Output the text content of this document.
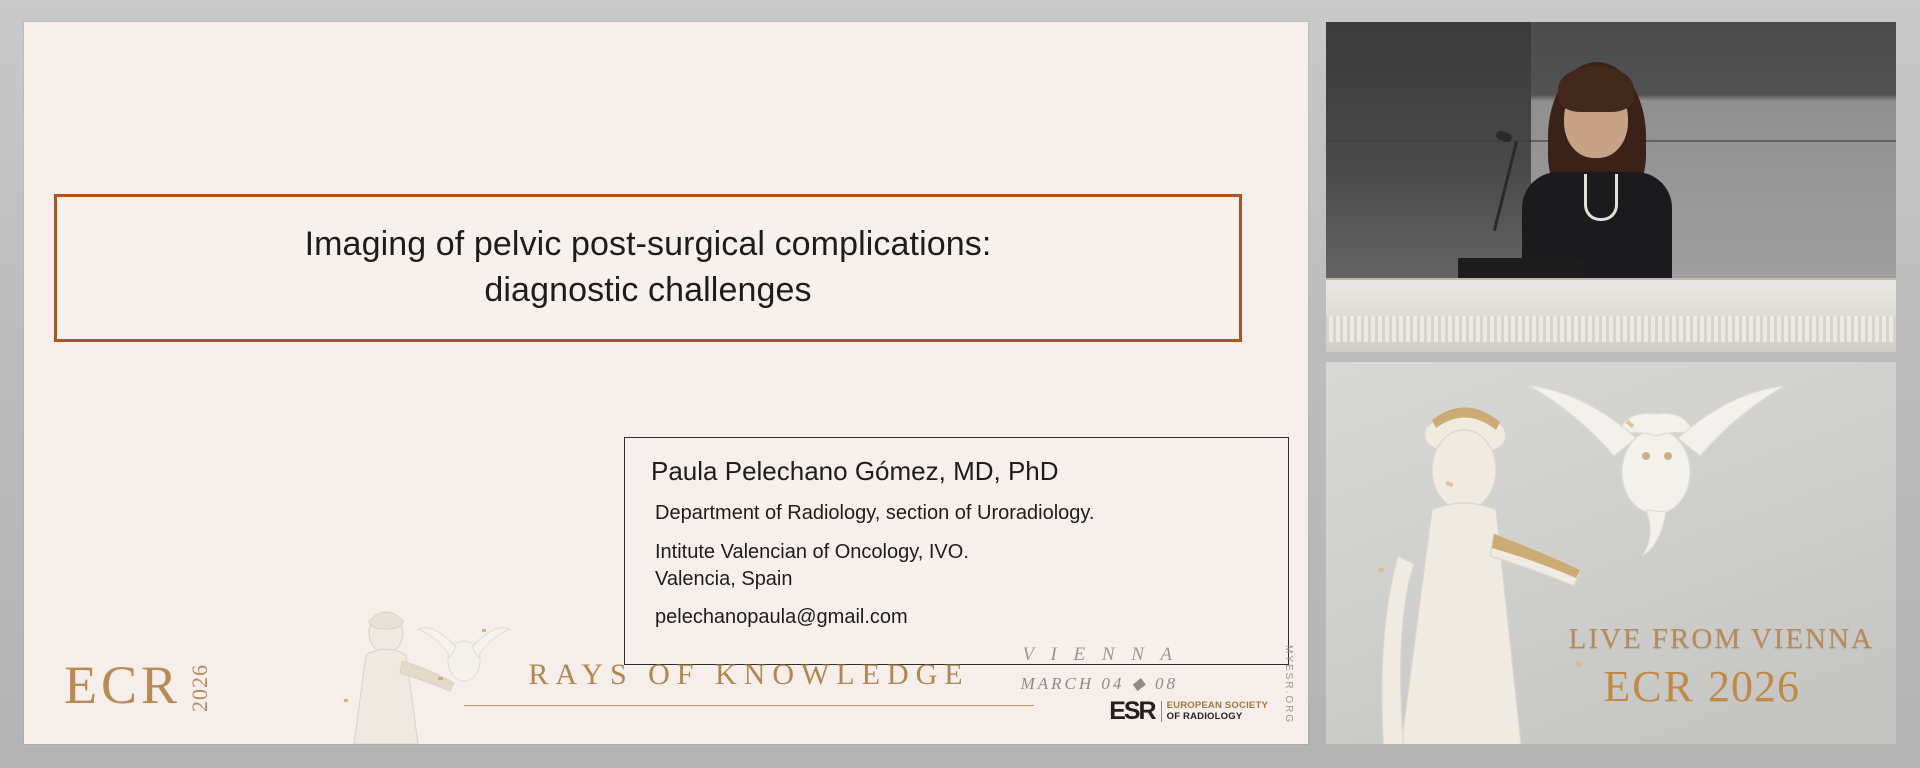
Imaging of pelvic post-surgical complications:
diagnostic challenges
Paula Pelechano Gómez, MD, PhD
Department of Radiology, section of Uroradiology.
Intitute Valencian of Oncology, IVO.
Valencia, Spain
pelechanopaula@gmail.com
ECR 2026	RAYS OF KNOWLEDGE
V I E N N A
MARCH 04 ◆ 08
ESR	EUROPEAN SOCIETY
OF RADIOLOGY	MYESR.ORG
LIVE FROM VIENNA
ECR 2026
